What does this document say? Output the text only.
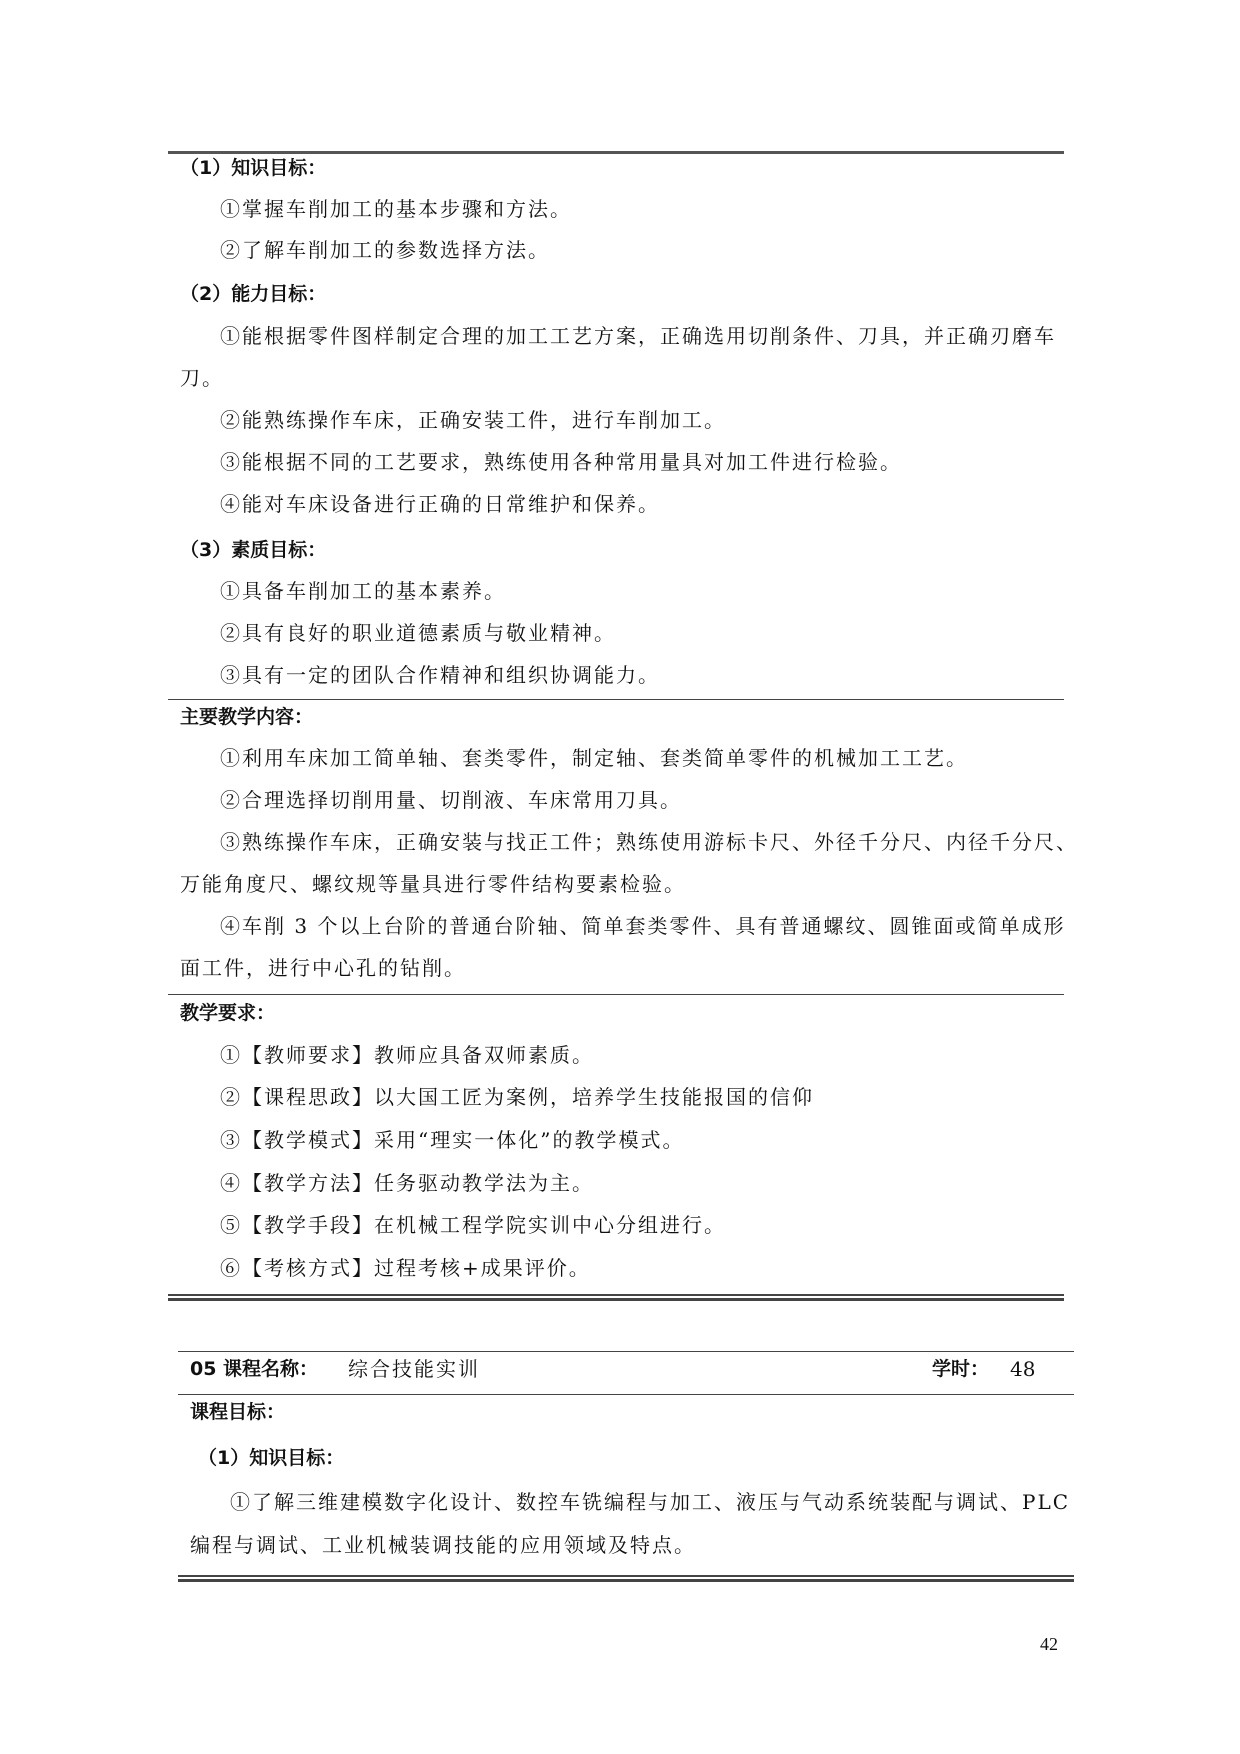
（1）知识目标：
①掌握车削加工的基本步骤和方法。
②了解车削加工的参数选择方法。
（2）能力目标：
①能根据零件图样制定合理的加工工艺方案，正确选用切削条件、刀具，并正确刃磨车
刀。
②能熟练操作车床，正确安装工件，进行车削加工。
③能根据不同的工艺要求，熟练使用各种常用量具对加工件进行检验。
④能对车床设备进行正确的日常维护和保养。
（3）素质目标：
①具备车削加工的基本素养。
②具有良好的职业道德素质与敬业精神。
③具有一定的团队合作精神和组织协调能力。
主要教学内容：
①利用车床加工简单轴、套类零件，制定轴、套类简单零件的机械加工工艺。
②合理选择切削用量、切削液、车床常用刀具。
③熟练操作车床，正确安装与找正工件；熟练使用游标卡尺、外径千分尺、内径千分尺、
万能角度尺、螺纹规等量具进行零件结构要素检验。
④车削 3 个以上台阶的普通台阶轴、简单套类零件、具有普通螺纹、圆锥面或简单成形
面工件，进行中心孔的钻削。
教学要求：
①【教师要求】教师应具备双师素质。
②【课程思政】以大国工匠为案例，培养学生技能报国的信仰
③【教学模式】采用“理实一体化”的教学模式。
④【教学方法】任务驱动教学法为主。
⑤【教学手段】在机械工程学院实训中心分组进行。
⑥【考核方式】过程考核+成果评价。
05 课程名称： 综合技能实训	学时： 48
课程目标：
（1）知识目标：
①了解三维建模数字化设计、数控车铣编程与加工、液压与气动系统装配与调试、PLC
编程与调试、工业机械装调技能的应用领域及特点。
42
